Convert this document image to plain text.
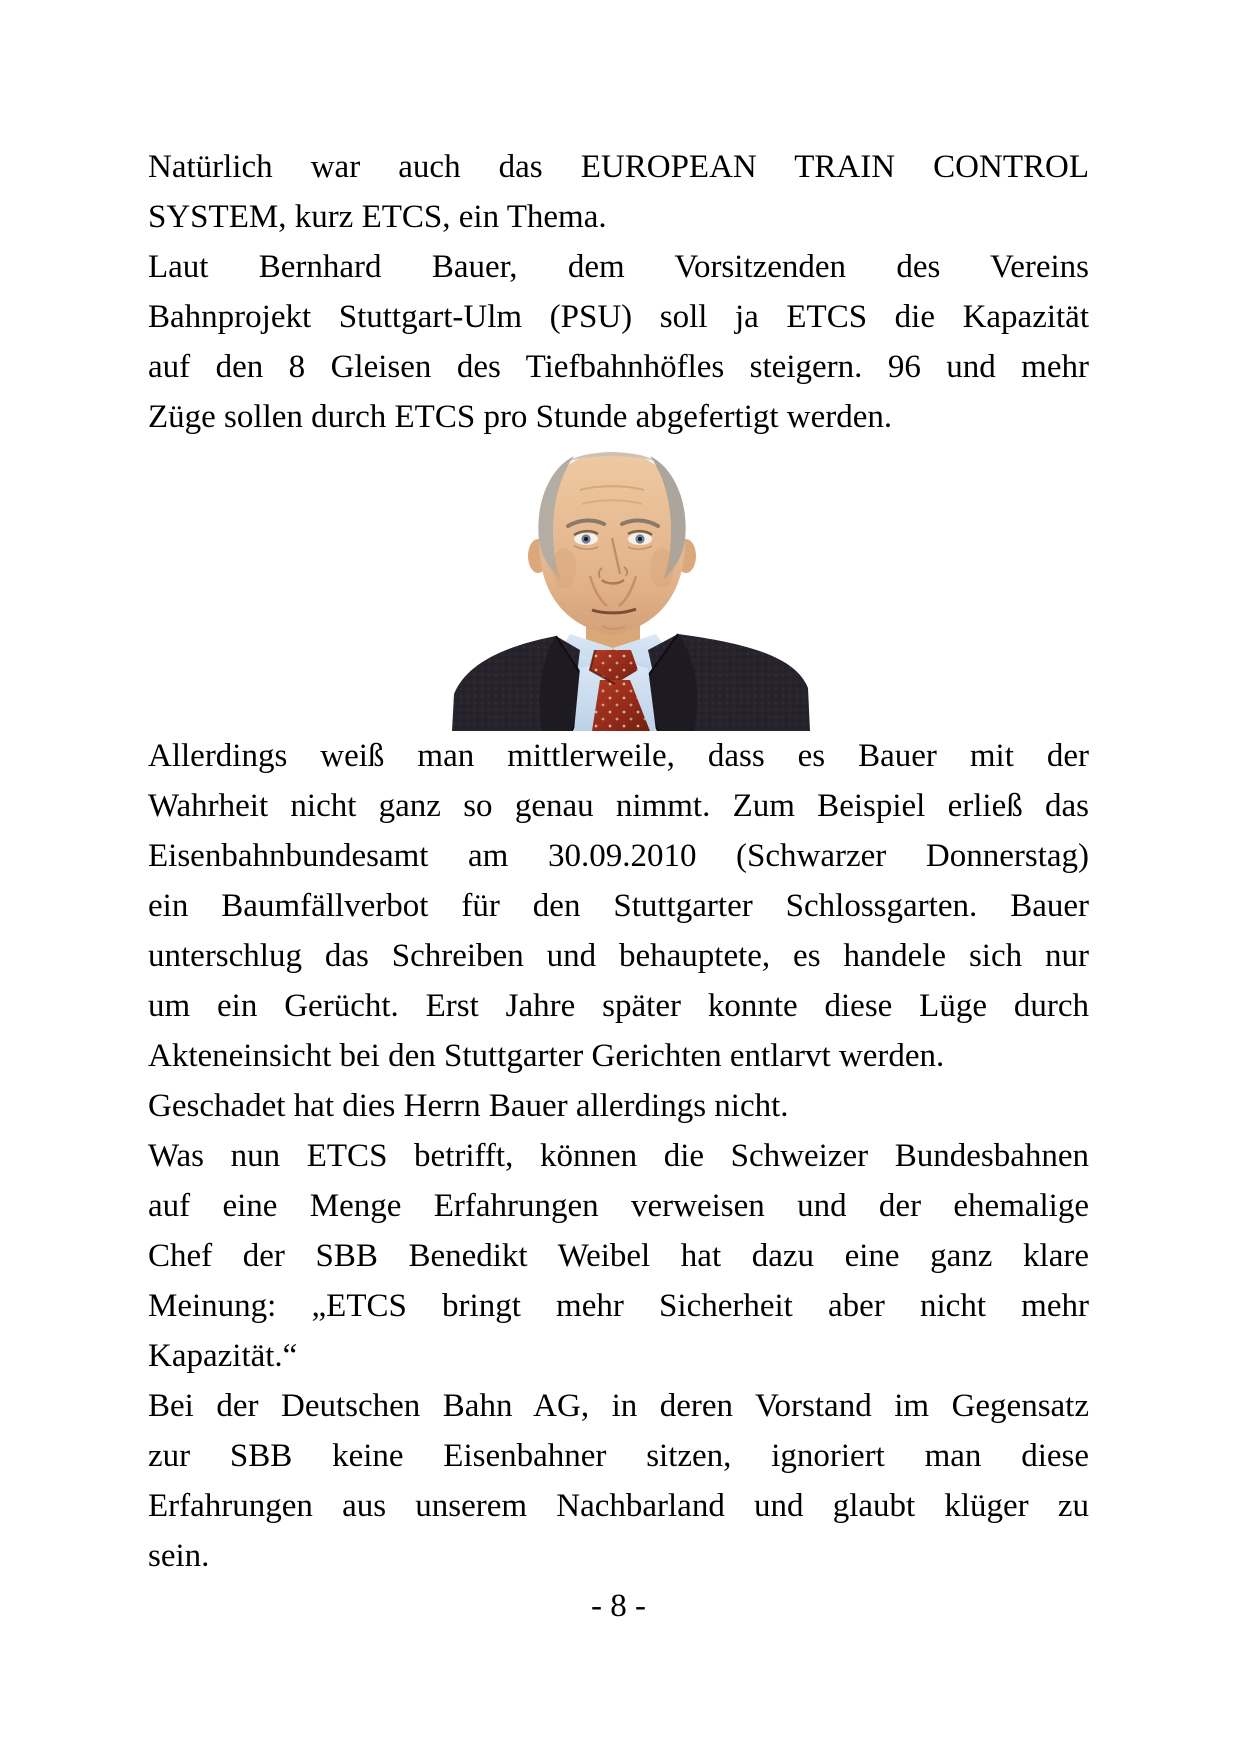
Natürlich war auch das EUROPEAN TRAIN CONTROL
SYSTEM, kurz ETCS, ein Thema.
Laut Bernhard Bauer, dem Vorsitzenden des Vereins
Bahnprojekt Stuttgart-Ulm (PSU) soll ja ETCS die Kapazität
auf den 8 Gleisen des Tiefbahnhöfles steigern. 96 und mehr
Züge sollen durch ETCS pro Stunde abgefertigt werden.
Allerdings weiß man mittlerweile, dass es Bauer mit der
Wahrheit nicht ganz so genau nimmt. Zum Beispiel erließ das
Eisenbahnbundesamt am 30.09.2010 (Schwarzer Donnerstag)
ein Baumfällverbot für den Stuttgarter Schlossgarten. Bauer
unterschlug das Schreiben und behauptete, es handele sich nur
um ein Gerücht. Erst Jahre später konnte diese Lüge durch
Akteneinsicht bei den Stuttgarter Gerichten entlarvt werden.
Geschadet hat dies Herrn Bauer allerdings nicht.
Was nun ETCS betrifft, können die Schweizer Bundesbahnen
auf eine Menge Erfahrungen verweisen und der ehemalige
Chef der SBB Benedikt Weibel hat dazu eine ganz klare
Meinung: „ETCS bringt mehr Sicherheit aber nicht mehr
Kapazität.“
Bei der Deutschen Bahn AG, in deren Vorstand im Gegensatz
zur SBB keine Eisenbahner sitzen, ignoriert man diese
Erfahrungen aus unserem Nachbarland und glaubt klüger zu
sein.
- 8 -
